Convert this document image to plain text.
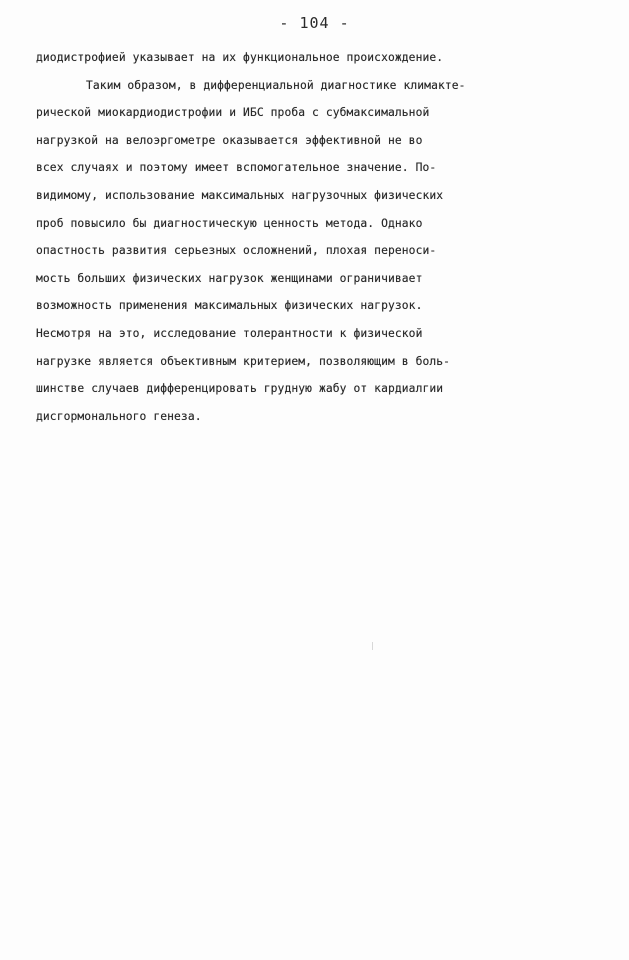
- 104 -
диодистрофией указывает на их функциональное происхождение.
Таким образом, в дифференциальной диагностике климакте-
рической миокардиодистрофии и ИБС проба с субмаксимальной
нагрузкой на велоэргометре оказывается эффективной не во
всех случаях и поэтому имеет вспомогательное значение. По-
видимому, использование максимальных нагрузочных физических
проб повысило бы диагностическую ценность метода. Однако
опастность развития серьезных осложнений, плохая переноси-
мость больших физических нагрузок женщинами ограничивает
возможность применения максимальных физических нагрузок.
Несмотря на это, исследование толерантности к физической
нагрузке является объективным критерием, позволяющим в боль-
шинстве случаев дифференцировать грудную жабу от кардиалгии
дисгормонального генеза.
